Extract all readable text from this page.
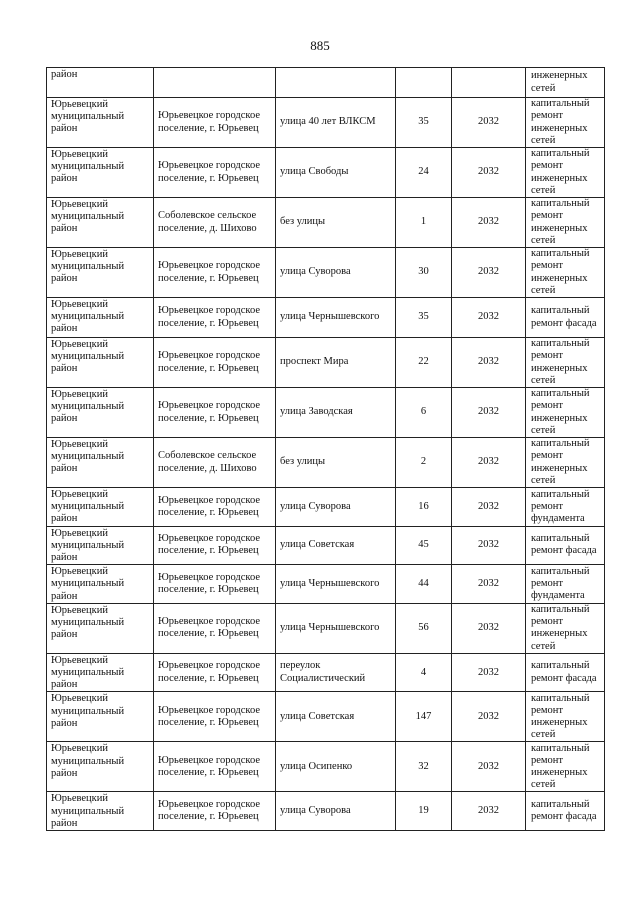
885
район					инженерных сетей
Юрьевецкий муниципальный район	Юрьевецкое городское поселение, г. Юрьевец	улица 40 лет ВЛКСМ	35	2032	капитальный ремонт инженерных сетей
Юрьевецкий муниципальный район	Юрьевецкое городское поселение, г. Юрьевец	улица Свободы	24	2032	капитальный ремонт инженерных сетей
Юрьевецкий муниципальный район	Соболевское сельское поселение, д. Шихово	без улицы	1	2032	капитальный ремонт инженерных сетей
Юрьевецкий муниципальный район	Юрьевецкое городское поселение, г. Юрьевец	улица Суворова	30	2032	капитальный ремонт инженерных сетей
Юрьевецкий муниципальный район	Юрьевецкое городское поселение, г. Юрьевец	улица Чернышевского	35	2032	капитальный ремонт фасада
Юрьевецкий муниципальный район	Юрьевецкое городское поселение, г. Юрьевец	проспект Мира	22	2032	капитальный ремонт инженерных сетей
Юрьевецкий муниципальный район	Юрьевецкое городское поселение, г. Юрьевец	улица Заводская	6	2032	капитальный ремонт инженерных сетей
Юрьевецкий муниципальный район	Соболевское сельское поселение, д. Шихово	без улицы	2	2032	капитальный ремонт инженерных сетей
Юрьевецкий муниципальный район	Юрьевецкое городское поселение, г. Юрьевец	улица Суворова	16	2032	капитальный ремонт фундамента
Юрьевецкий муниципальный район	Юрьевецкое городское поселение, г. Юрьевец	улица Советская	45	2032	капитальный ремонт фасада
Юрьевецкий муниципальный район	Юрьевецкое городское поселение, г. Юрьевец	улица Чернышевского	44	2032	капитальный ремонт фундамента
Юрьевецкий муниципальный район	Юрьевецкое городское поселение, г. Юрьевец	улица Чернышевского	56	2032	капитальный ремонт инженерных сетей
Юрьевецкий муниципальный район	Юрьевецкое городское поселение, г. Юрьевец	переулок Социалистический	4	2032	капитальный ремонт фасада
Юрьевецкий муниципальный район	Юрьевецкое городское поселение, г. Юрьевец	улица Советская	147	2032	капитальный ремонт инженерных сетей
Юрьевецкий муниципальный район	Юрьевецкое городское поселение, г. Юрьевец	улица Осипенко	32	2032	капитальный ремонт инженерных сетей
Юрьевецкий муниципальный район	Юрьевецкое городское поселение, г. Юрьевец	улица Суворова	19	2032	капитальный ремонт фасада
